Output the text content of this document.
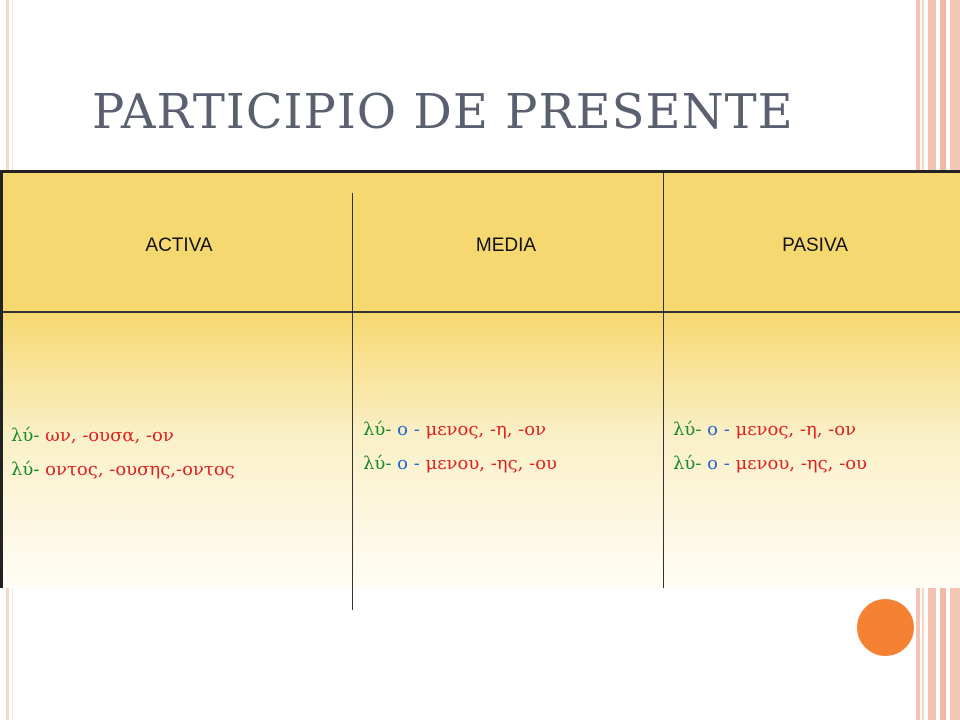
PARTICIPIO DE PRESENTE
ACTIVA	MEDIA	PASIVA
λύ- ων, -ουσα, -ον
λύ- οντος, -ουσης,-οντος
λύ- ο - μενος, -η, -ον
λύ- ο - μενου, -ης, -ου
λύ- ο - μενος, -η, -ον
λύ- ο - μενου, -ης, -ου
